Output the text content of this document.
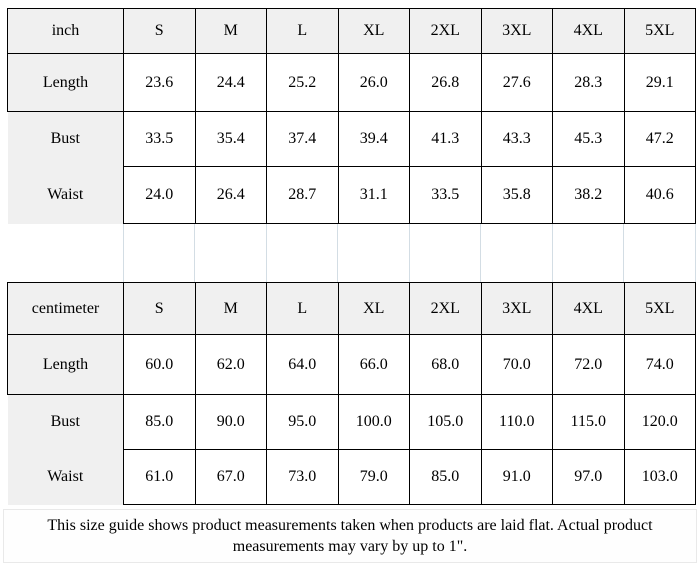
inch	S	M	L	XL	2XL	3XL	4XL	5XL
Length	23.6	24.4	25.2	26.0	26.8	27.6	28.3	29.1
Bust	33.5	35.4	37.4	39.4	41.3	43.3	45.3	47.2
Waist	24.0	26.4	28.7	31.1	33.5	35.8	38.2	40.6

centimeter	S	M	L	XL	2XL	3XL	4XL	5XL
Length	60.0	62.0	64.0	66.0	68.0	70.0	72.0	74.0
Bust	85.0	90.0	95.0	100.0	105.0	110.0	115.0	120.0
Waist	61.0	67.0	73.0	79.0	85.0	91.0	97.0	103.0
This size guide shows product measurements taken when products are laid flat. Actual product measurements may vary by up to 1".
